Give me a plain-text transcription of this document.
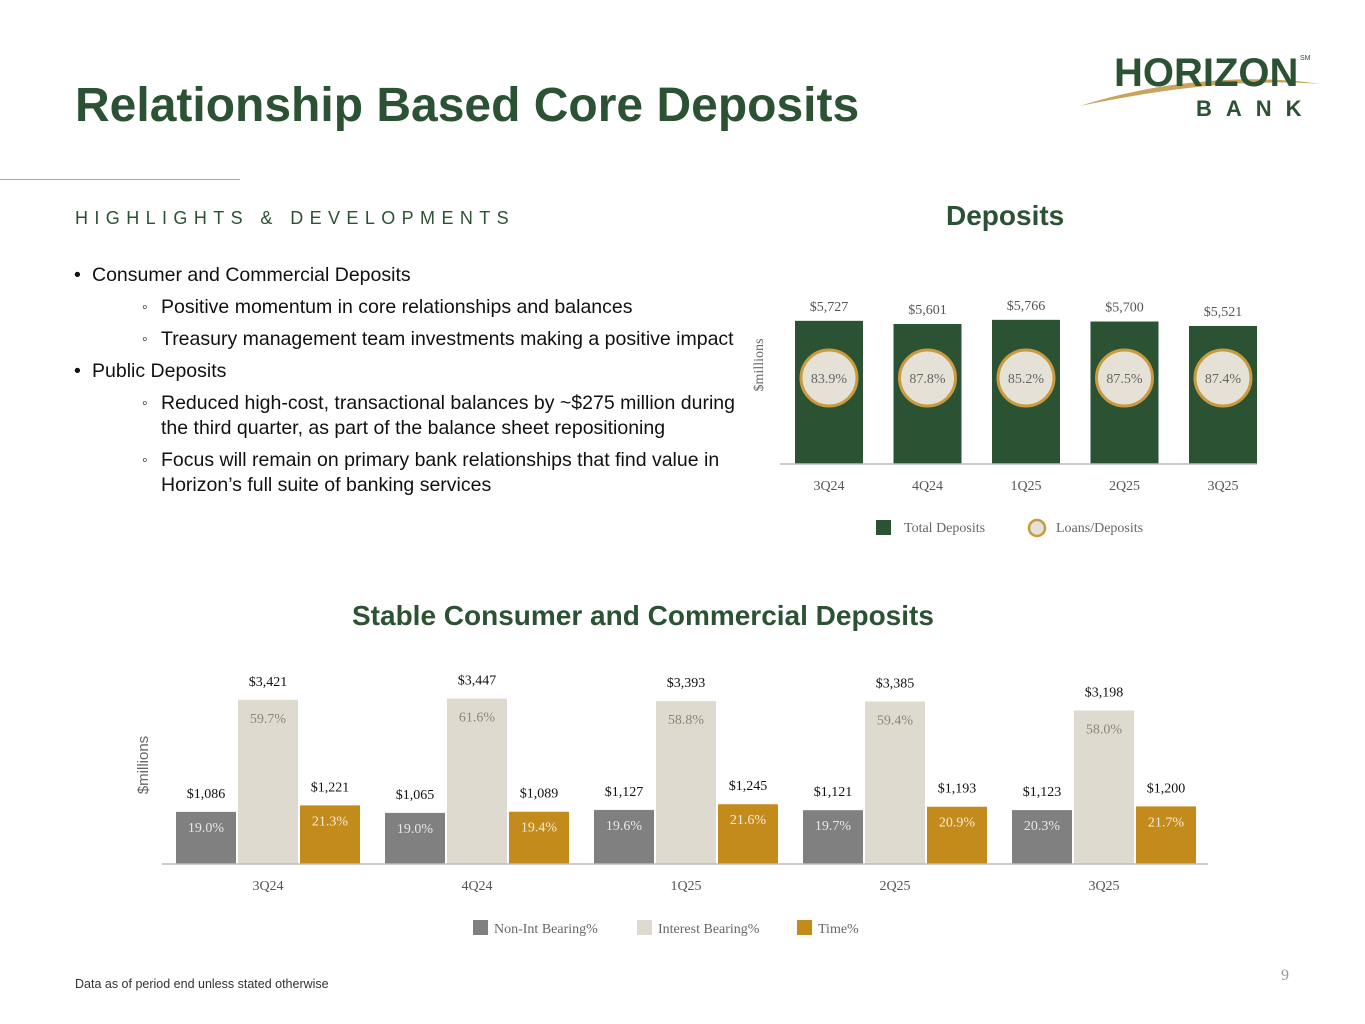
Relationship Based Core Deposits
HORIZON SM
BANK
HIGHLIGHTS & DEVELOPMENTS
• Consumer and Commercial Deposits
◦ Positive momentum in core relationships and balances
◦ Treasury management team investments making a positive impact
• Public Deposits
◦ Reduced high-cost, transactional balances by ~$275 million during the third quarter, as part of the balance sheet repositioning
◦ Focus will remain on primary bank relationships that find value in Horizon’s full suite of banking services
Deposits
$millions
$5,727
83.9%
3Q24
$5,601
87.8%
4Q24
$5,766
85.2%
1Q25
$5,700
87.5%
2Q25
$5,521
87.4%
3Q25
Total Deposits	Loans/Deposits
Stable Consumer and Commercial Deposits
$millions
$1,086
19.0%
$3,421
59.7%
$1,221
21.3%
3Q24
$1,065
19.0%
$3,447
61.6%
$1,089
19.4%
4Q24
$1,127
19.6%
$3,393
58.8%
$1,245
21.6%
1Q25
$1,121
19.7%
$3,385
59.4%
$1,193
20.9%
2Q25
$1,123
20.3%
$3,198
58.0%
$1,200
21.7%
3Q25
Non-Int Bearing%	Interest Bearing%	Time%
Data as of period end unless stated otherwise	9
